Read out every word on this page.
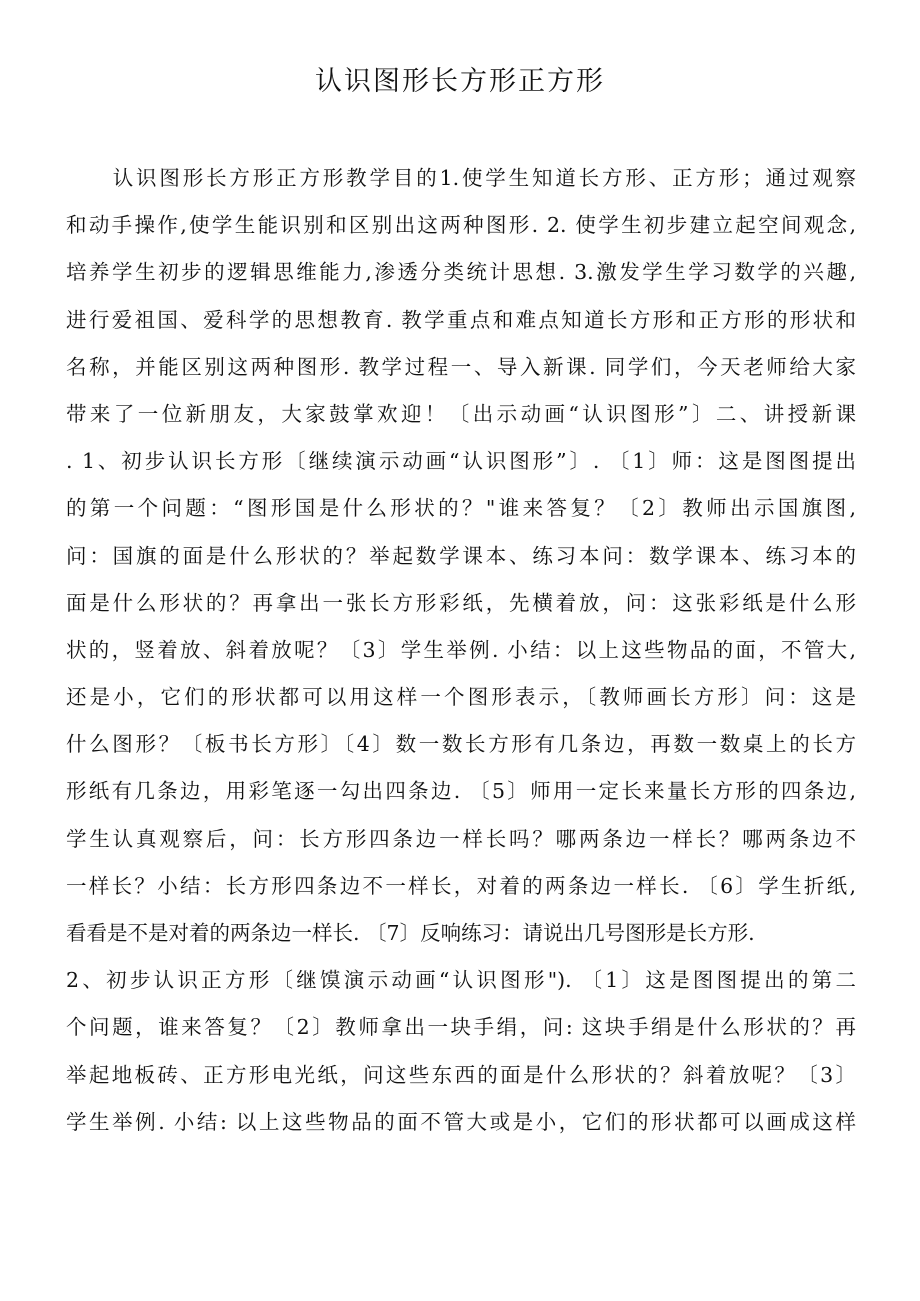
认识图形长方形正方形
　　认识图形长方形正方形教学目的1.使学生知道长方形、正方形；通过观察
和动手操作,使学生能识别和区别出这两种图形. 2. 使学生初步建立起空间观念,
培养学生初步的逻辑思维能力,渗透分类统计思想. 3.激发学生学习数学的兴趣,
进行爱祖国、爱科学的思想教育. 教学重点和难点知道长方形和正方形的形状和
名称，并能区别这两种图形. 教学过程一、导入新课. 同学们，今天老师给大家
带来了一位新朋友，大家鼓掌欢迎！〔出示动画“认识图形”〕二、讲授新课
. 1、初步认识长方形〔继续演示动画“认识图形”〕. 〔1〕师：这是图图提出
的第一个问题：“图形国是什么形状的？"谁来答复？〔2〕教师出示国旗图,
问：国旗的面是什么形状的？举起数学课本、练习本问：数学课本、练习本的
面是什么形状的？再拿出一张长方形彩纸，先横着放，问：这张彩纸是什么形
状的，竖着放、斜着放呢？〔3〕学生举例. 小结：以上这些物品的面，不管大,
还是小，它们的形状都可以用这样一个图形表示，〔教师画长方形〕问：这是
什么图形？〔板书长方形〕〔4〕数一数长方形有几条边，再数一数桌上的长方
形纸有几条边，用彩笔逐一勾出四条边. 〔5〕师用一定长来量长方形的四条边,
学生认真观察后，问：长方形四条边一样长吗？哪两条边一样长？哪两条边不
一样长？小结：长方形四条边不一样长，对着的两条边一样长. 〔6〕学生折纸,
看看是不是对着的两条边一样长. 〔7〕反响练习：请说出几号图形是长方形.
2、初步认识正方形〔继馍演示动画“认识图形"). 〔1〕这是图图提出的第二
个问题，谁来答复？〔2〕教师拿出一块手绢，问: 这块手绢是什么形状的？再
举起地板砖、正方形电光纸，问这些东西的面是什么形状的？斜着放呢？〔3〕
学生举例. 小结: 以上这些物品的面不管大或是小，它们的形状都可以画成这样
